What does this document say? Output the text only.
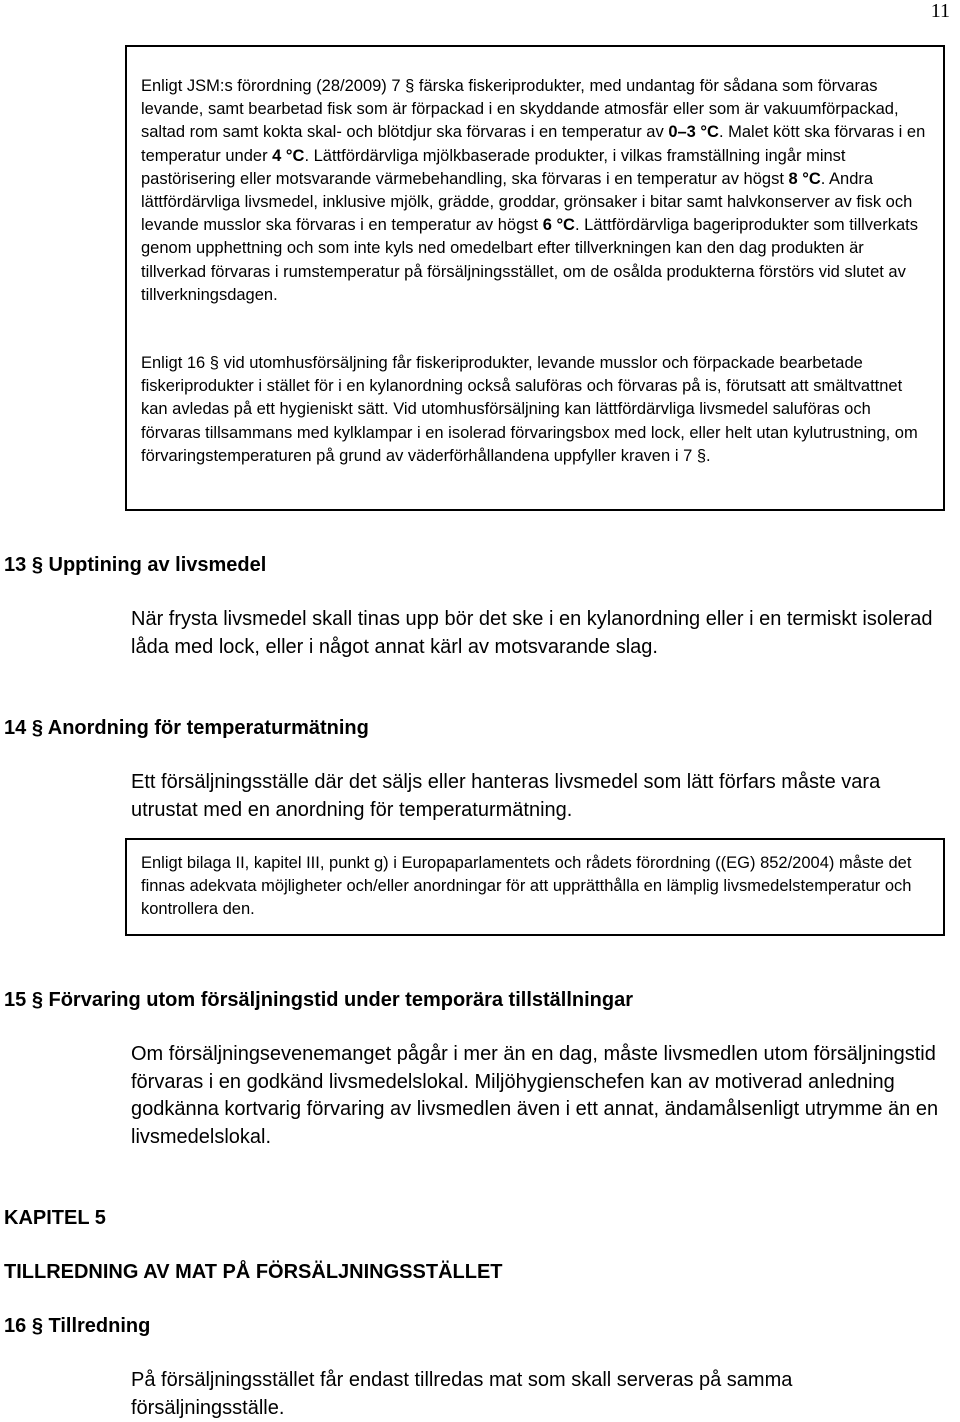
11

Enligt JSM:s förordning (28/2009) 7 § färska fiskeriprodukter, med undantag för sådana som förvaras levande, samt bearbetad fisk som är förpackad i en skyddande atmosfär eller som är vakuumförpackad, saltad rom samt kokta skal- och blötdjur ska förvaras i en temperatur av 0–3 °C. Malet kött ska förvaras i en temperatur under 4 °C. Lättfördärvliga mjölkbaserade produkter, i vilkas framställning ingår minst pastörisering eller motsvarande värmebehandling, ska förvaras i en temperatur av högst 8 °C. Andra lättfördärvliga livsmedel, inklusive mjölk, grädde, groddar, grönsaker i bitar samt halvkonserver av fisk och levande musslor ska förvaras i en temperatur av högst 6 °C. Lättfördärvliga bageriprodukter som tillverkats genom upphettning och som inte kyls ned omedelbart efter tillverkningen kan den dag produkten är tillverkad förvaras i rumstemperatur på försäljningsstället, om de osålda produkterna förstörs vid slutet av tillverkningsdagen.

Enligt 16 § vid utomhusförsäljning får fiskeriprodukter, levande musslor och förpackade bearbetade fiskeriprodukter i stället för i en kylanordning också saluföras och förvaras på is, förutsatt att smältvattnet kan avledas på ett hygieniskt sätt. Vid utomhusförsäljning kan lättfördärvliga livsmedel saluföras och förvaras tillsammans med kylklampar i en isolerad förvaringsbox med lock, eller helt utan kylutrustning, om förvaringstemperaturen på grund av väderförhållandena uppfyller kraven i 7 §.

13 § Upptining av livsmedel

När frysta livsmedel skall tinas upp bör det ske i en kylanordning eller i en termiskt isolerad låda med lock, eller i något annat kärl av motsvarande slag.

14 § Anordning för temperaturmätning

Ett försäljningsställe där det säljs eller hanteras livsmedel som lätt förfars måste vara utrustat med en anordning för temperaturmätning.

Enligt bilaga II, kapitel III, punkt g) i Europaparlamentets och rådets förordning ((EG) 852/2004) måste det finnas adekvata möjligheter och/eller anordningar för att upprätthålla en lämplig livsmedelstemperatur och kontrollera den.

15 § Förvaring utom försäljningstid under temporära tillställningar

Om försäljningsevenemanget pågår i mer än en dag, måste livsmedlen utom försäljningstid förvaras i en godkänd livsmedelslokal. Miljöhygienschefen kan av motiverad anledning godkänna kortvarig förvaring av livsmedlen även i ett annat, ändamålsenligt utrymme än en livsmedelslokal.

KAPITEL 5
TILLREDNING AV MAT PÅ FÖRSÄLJNINGSSTÄLLET
16 § Tillredning

På försäljningsstället får endast tillredas mat som skall serveras på samma försäljningsställe.
